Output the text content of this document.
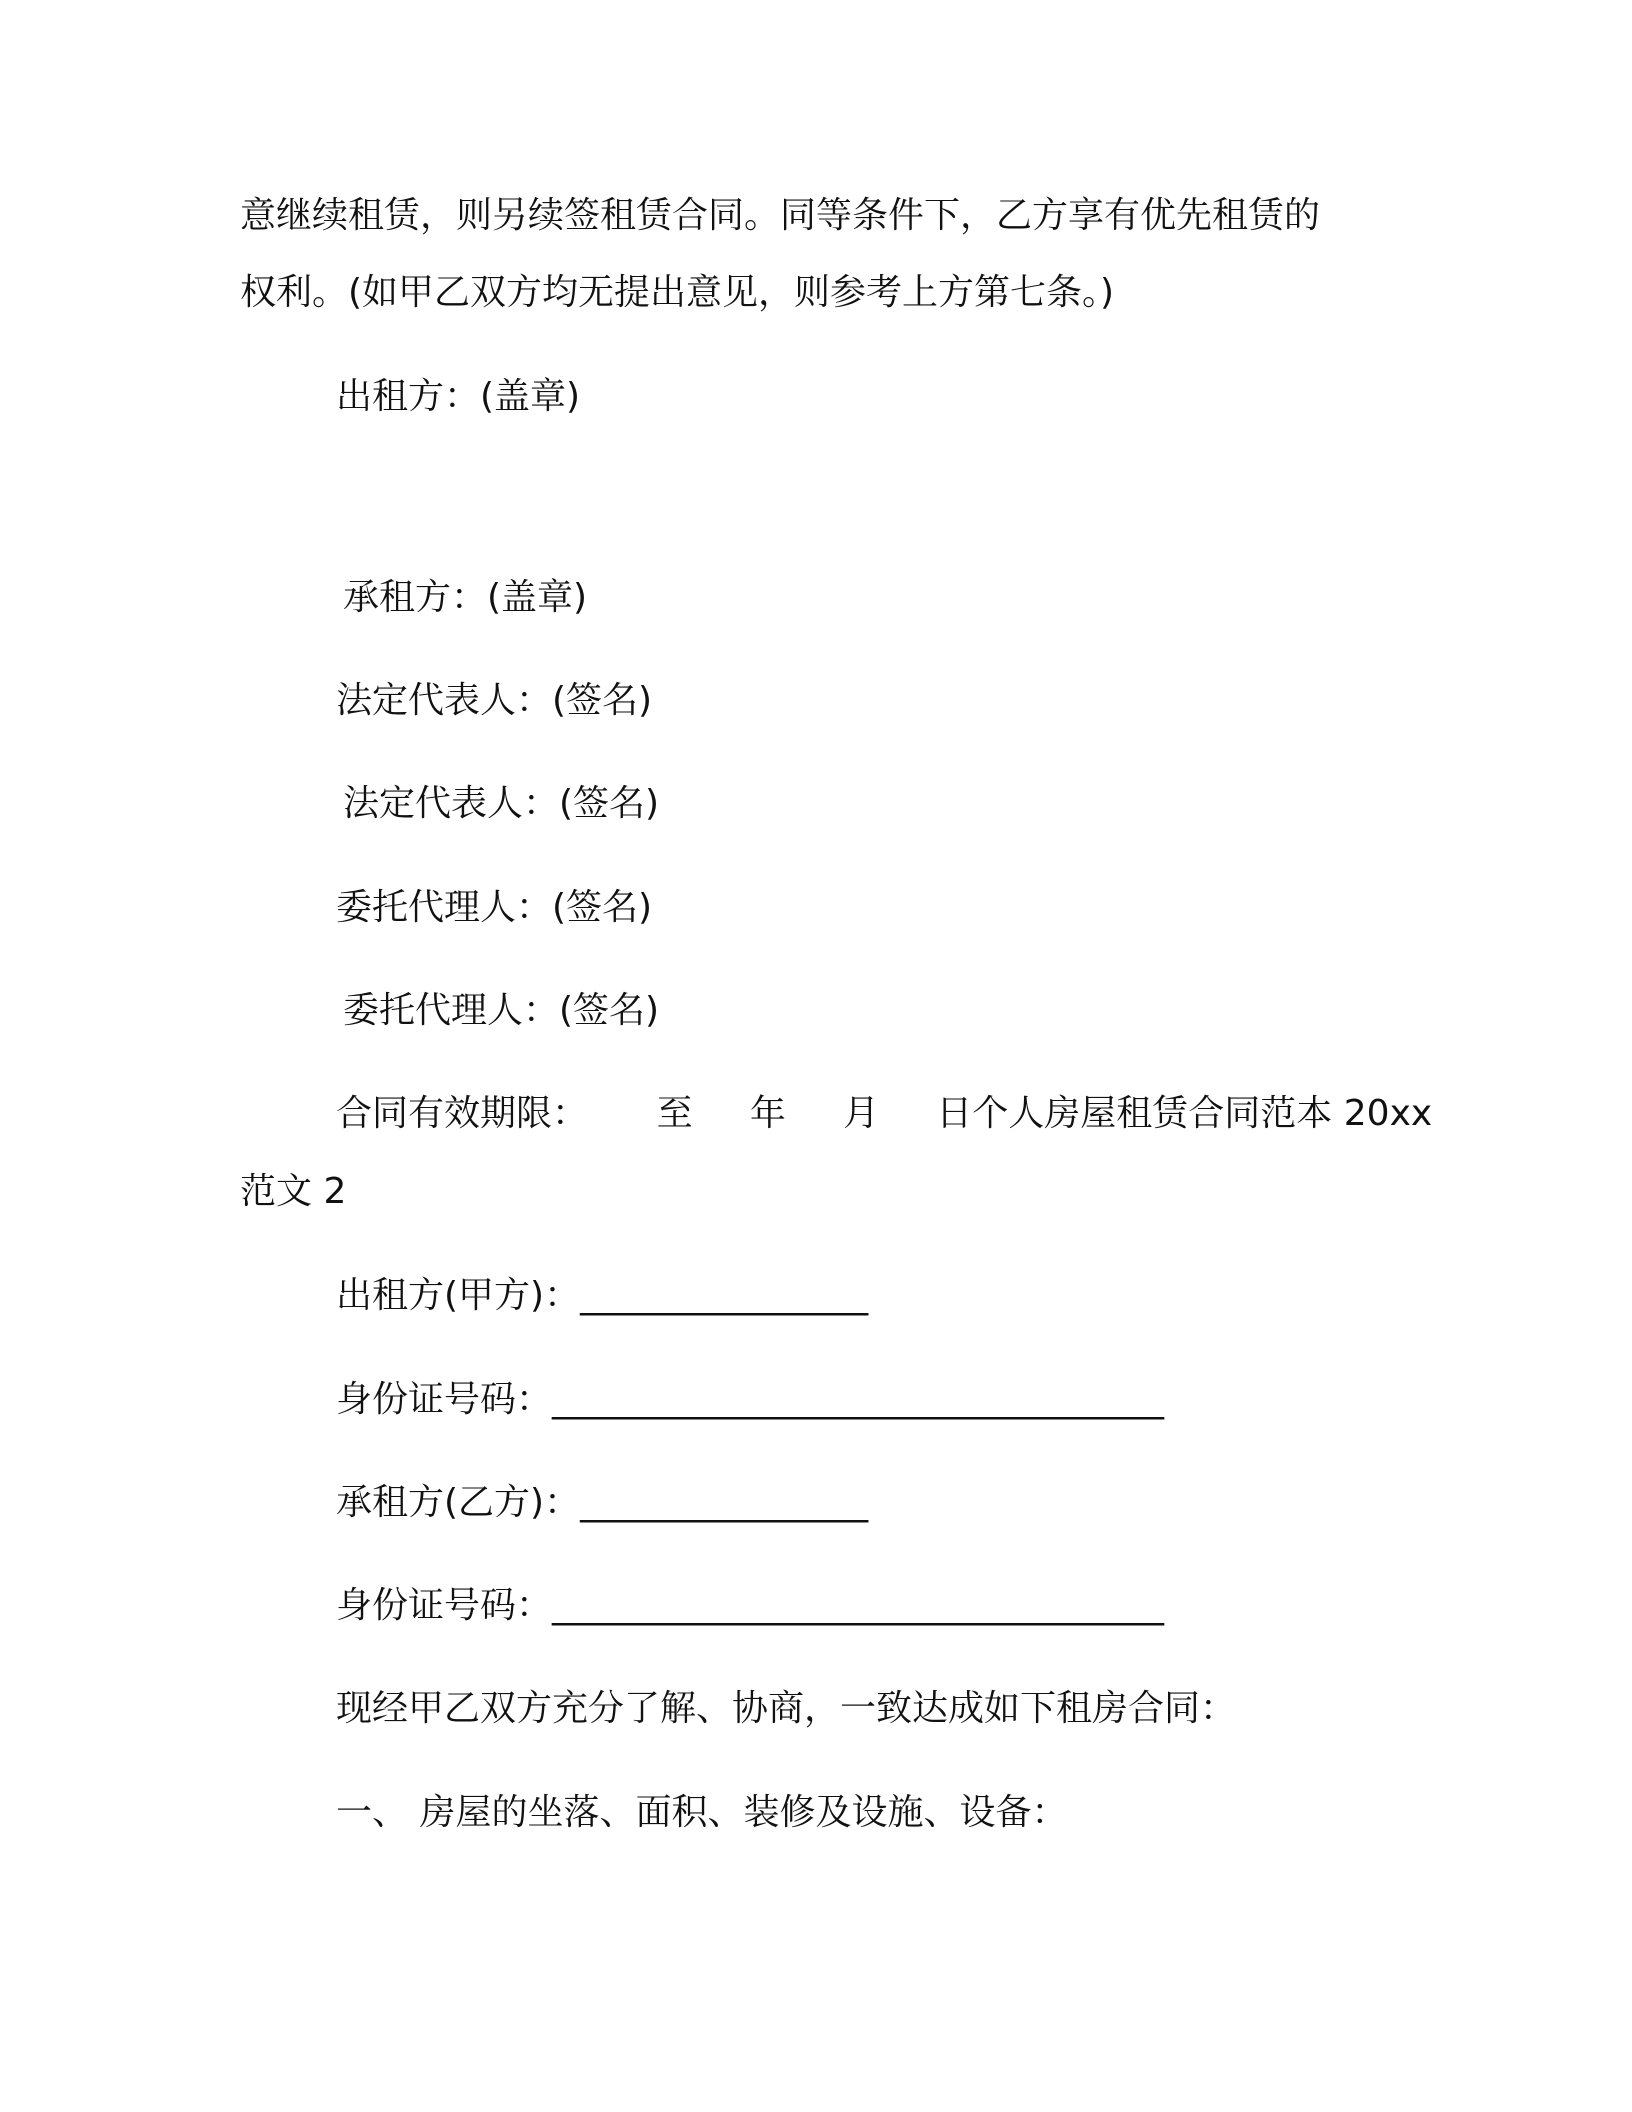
意继续租赁，则另续签租赁合同。同等条件下，乙方享有优先租赁的
权利。(如甲乙双方均无提出意见，则参考上方第七条。)
出租方：(盖章)
承租方：(盖章)
法定代表人：(签名)
法定代表人：(签名)
委托代理人：(签名)
委托代理人：(签名)
合同有效期限：      至     年     月     日个人房屋租赁合同范本 20xx
范文 2
出租方(甲方)：________________
身份证号码：__________________________________
承租方(乙方)：________________
身份证号码：__________________________________
现经甲乙双方充分了解、协商，一致达成如下租房合同：
一、 房屋的坐落、面积、装修及设施、设备：
